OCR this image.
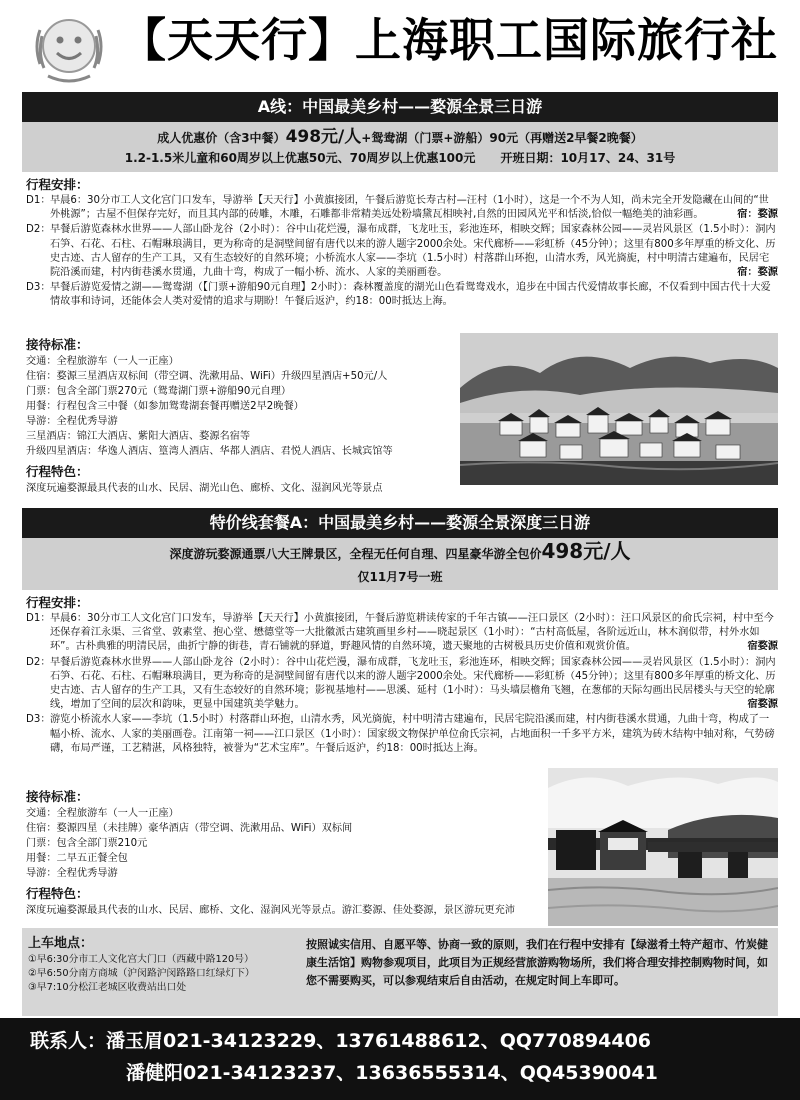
【天天行】上海职工国际旅行社
A线：中国最美乡村——婺源全景三日游
成人优惠价（含3中餐）498元/人+鸳鸯湖（门票+游船）90元（再赠送2早餐2晚餐）
1.2-1.5米儿童和60周岁以上优惠50元、70周岁以上优惠100元 开班日期：10月17、24、31号
行程安排：
D1： 早晨6：30分市工人文化宫门口发车，导游举【天天行】小黄旗接团，午餐后游览长寿古村—汪村（1小时），这是一个不为人知，尚未完全开发隐藏在山间的“世外桃源”；古屋不但保存完好，而且其内部的砖雕，木雕，石雕都非常精美远处粉墙黛瓦相映衬,自然的田园风光平和恬淡,恰似一幅绝美的油彩画。	宿：婺源
D2： 早餐后游览森林水世界——人部山卧龙谷（2小时）：谷中山花烂漫，瀑布成群，飞龙吐玉，彩池连环，相映交辉；国家森林公园——灵岩风景区（1.5小时）：洞内石笋、石花、石柱、石帽琳琅满目，更为称奇的是洞壁间留有唐代以来的游人题字2000余处。宋代廊桥——彩虹桥（45分钟）；这里有800多年厚重的桥文化、历史古迹、古人留存的生产工具，又有生态较好的自然环境；小桥流水人家——李坑（1.5小时）村落群山环抱，山清水秀，风光旖旎，村中明清古建遍布，民居宅院沿溪而建，村内街巷溪水贯通，九曲十弯，构成了一幅小桥、流水、人家的美丽画卷。	宿：婺源
D3： 早餐后游览爱情之湖——鸳鸯湖（【门票+游船90元自理】2小时）：森林覆盖度的湖光山色看鸳鸯戏水，追步在中国古代爱情故事长廊，不仅看到中国古代十大爱情故事和诗词，还能体会人类对爱情的追求与期盼！午餐后返沪，约18：00时抵达上海。
接待标准：
交通：全程旅游车（一人一正座）
住宿：婺源三星酒店双标间（带空调、洗漱用品、WiFi）升级四星酒店+50元/人
门票：包含全部门票270元（鸳鸯湖门票+游船90元自理）
用餐：行程包含三中餐（如参加鸳鸯湖套餐再赠送2早2晚餐）
导游：全程优秀导游
三星酒店：锦江大酒店、紫阳大酒店、婺源名宿等
升级四星酒店：华逸人酒店、篁湾人酒店、华都人酒店、君悦人酒店、长城宾馆等
行程特色：
深度玩遍婺源最具代表的山水、民居、湖光山色、廊桥、文化、湿润风光等景点
特价线套餐A：中国最美乡村——婺源全景深度三日游
深度游玩婺源通票八大王牌景区，全程无任何自理、四星豪华游全包价498元/人
仅11月7号一班
行程安排：
D1： 早晨6：30分市工人文化宫门口发车，导游举【天天行】小黄旗接团，午餐后游览耕读传家的千年古镇——汪口景区（2小时）：汪口风景区的俞氏宗祠，村中至今还保存着江永渠、三省堂、敦素堂、抱心堂、懋德堂等一大批徽派古建筑画里乡村——晓起景区（1小时）：“古村高低屋，各阶远近山，林木润似带，村外水如环”。古朴典雅的明清民居，曲折宁静的街巷，青石铺就的驿道，野趣风情的自然环境，遗天聚地的古树极具历史价值和观赏价值。	宿婺源
D2： 早餐后游览森林水世界——人部山卧龙谷（2小时）：谷中山花烂漫，瀑布成群，飞龙吐玉，彩池连环，相映交辉；国家森林公园——灵岩风景区（1.5小时）：洞内石笋、石花、石柱、石帽琳琅满目，更为称奇的是洞壁间留有唐代以来的游人题字2000余处。宋代廊桥——彩虹桥（45分钟）；这里有800多年厚重的桥文化、历史古迹、古人留存的生产工具，又有生态较好的自然环境；影视基地村——思溪、延村（1小时）：马头墙层檐角飞翘，在葱郁的天际勾画出民居楼头与天空的轮廓线，增加了空间的层次和韵味，更显中国建筑美学魅力。	宿婺源
D3： 游览小桥流水人家——李坑（1.5小时）村落群山环抱，山清水秀，风光旖旎，村中明清古建遍布，民居宅院沿溪而建，村内街巷溪水贯通，九曲十弯，构成了一幅小桥、流水、人家的美丽画卷。江南第一祠——江口景区（1小时）：国家级文物保护单位俞氏宗祠，占地面积一千多平方米，建筑为砖木结构中轴对称，气势磅礴，布局严谨，工艺精湛，风格独特，被誉为“艺术宝库”。午餐后返沪，约18：00时抵达上海。
接待标准：
交通：全程旅游车（一人一正座）
住宿：婺源四星（未挂牌）豪华酒店（带空调、洗漱用品、WiFi）双标间
门票：包含全部门票210元
用餐：二早五正餐全包
导游：全程优秀导游
行程特色：
深度玩遍婺源最具代表的山水、民居、廊桥、文化、湿润风光等景点。游汇婺源、佳处婺源，景区游玩更充沛
上车地点：
①早6:30分市工人文化宫大门口（西藏中路120号）
②早6:50分南方商城（沪闵路沪闵路路口红绿灯下）
③早7:10分松江老城区收费站出口处
按照诚实信用、自愿平等、协商一致的原则，我们在行程中安排有【绿滋肴土特产超市、竹炭健康生活馆】购物参观项目，此项目为正规经营旅游购物场所，我们将合理安排控制购物时间，如您不需要购买，可以参观结束后自由活动，在规定时间上车即可。
联系人：潘玉眉021-34123229、13761488612、QQ770894406
潘健阳021-34123237、13636555314、QQ45390041
